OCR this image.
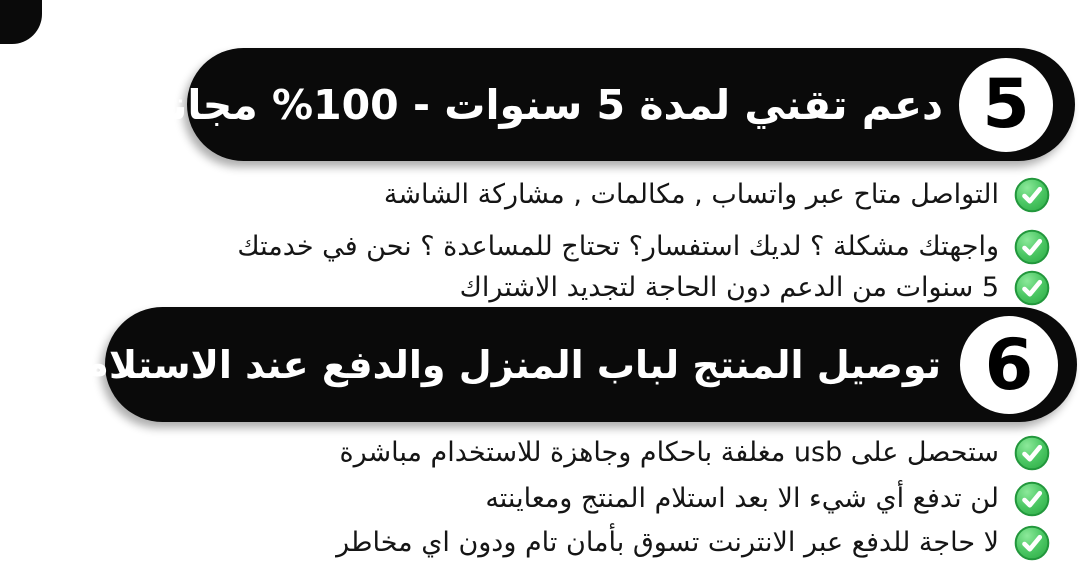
دعم تقني لمدة 5 سنوات - 100% مجانا 5
التواصل متاح عبر واتساب , مكالمات , مشاركة الشاشة
واجهتك مشكلة ؟ لديك استفسار؟ تحتاج للمساعدة ؟ نحن في خدمتك
5 سنوات من الدعم دون الحاجة لتجديد الاشتراك
توصيل المنتج لباب المنزل والدفع عند الاستلام 6
ستحصل على usb مغلفة باحكام وجاهزة للاستخدام مباشرة
لن تدفع أي شيء الا بعد استلام المنتج ومعاينته
لا حاجة للدفع عبر الانترنت تسوق بأمان تام ودون اي مخاطر
